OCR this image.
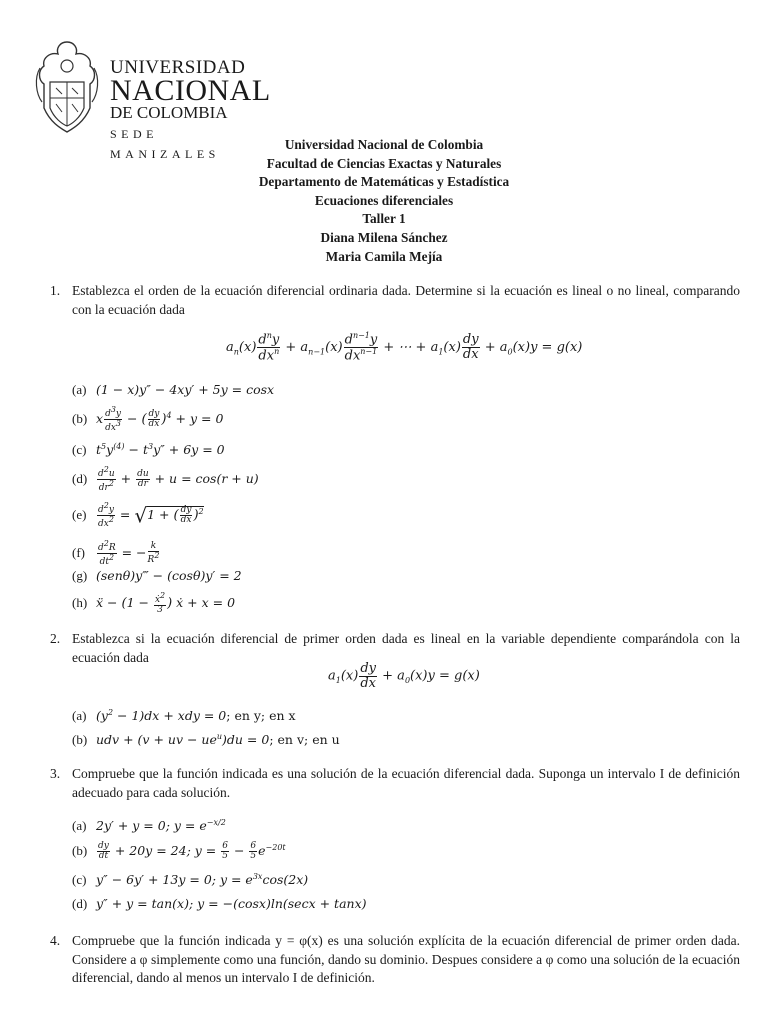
UNIVERSIDAD
NACIONAL
DE COLOMBIA
SEDE MANIZALES
Universidad Nacional de Colombia
Facultad de Ciencias Exactas y Naturales
Departamento de Matemáticas y Estadística
Ecuaciones diferenciales
Taller 1
Diana Milena Sánchez
Maria Camila Mejía
1. Establezca el orden de la ecuación diferencial ordinaria dada. Determine si la ecuación es lineal o no lineal, comparando con la ecuación dada
$a_n(x) \frac{d^ny}{dx^n} + a_{n-1}(x) \frac{d^{n-1}y}{dx^{n-1}}$ + ⋯ + $a_1(x) \frac{dy}{dx} + a_0(x)y = g(x)$
(a) (1 − x)y″ − 4xy′ + 5y = cosx
(b) x $\frac{d^3y}{dx^3}$ − ( $\frac{dy}{dx} )^4 + y = 0$
(c) $t^5y^{(4)} - t^3y'' + 6y = 0$
$(d) \frac{d^2u}{dr^2} + \frac{du}{dr} + u = \cos(r + u)$
$(e) \frac{d^2y}{dx^2} = √1$ + ( $\frac{dy}{dx} )^2$
$(f) \frac{d^2R}{dt^2}$ = − $\frac{k}{R^2}$
(g) (senθ)y‴ − (cosθ)y′ = 2
(h) ẍ − ($1 - \frac{ẋ^2}{3}$ ) ẋ + x = 0
2. Establezca si la ecuación diferencial de primer orden dada es lineal en la variable dependiente comparándola con la ecuación dada
$a_1(x) \frac{dy}{dx} + a_0(x)y = g(x)$
(a) $(y^2 - 1)dx$ + xdy = 0; en y; en x
(b) udv + (v + uv − $ue^u)du = 0$; en v; en u
3. Compruebe que la función indicada es una solución de la ecuación diferencial dada. Suponga un intervalo I de definición adecuado para cada solución.
(a) 2y′ + y = 0; $y = e^{-x/2}$
$(b) \frac{dy}{dt} + 20y = 24$; $y = \frac{6}{5} - \frac{6}{5} e^{-20t}$
(c) y″ − 6y′ + 13y = 0; $y = e^{3x}\cos(2x)$
(d) y″ + y = tan(x); y = −(cosx)ln(secx + tanx)
4. Compruebe que la función indicada y = φ(x) es una solución explícita de la ecuación diferencial de primer orden dada. Considere a φ simplemente como una función, dando su dominio. Despues considere a φ como una solución de la ecuación diferencial, dando al menos un intervalo I de definición.
